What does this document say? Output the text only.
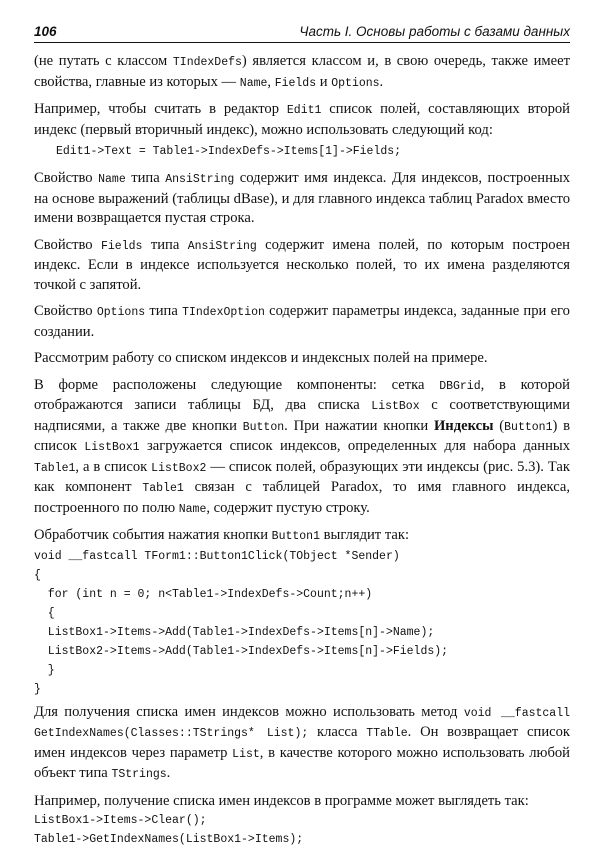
106	Часть I. Основы работы с базами данных

(не путать с классом TIndexDefs) является классом и, в свою очередь, также имеет свойства, главные из которых — Name, Fields и Options.

Например, чтобы считать в редактор Edit1 список полей, составляющих второй индекс (первый вторичный индекс), можно использовать следующий код:

Edit1->Text = Table1->IndexDefs->Items[1]->Fields;

Свойство Name типа AnsiString содержит имя индекса. Для индексов, построенных на основе выражений (таблицы dBase), и для главного индекса таблиц Paradox вместо имени возвращается пустая строка.

Свойство Fields типа AnsiString содержит имена полей, по которым построен индекс. Если в индексе используется несколько полей, то их имена разделяются точкой с запятой.

Свойство Options типа TIndexOption содержит параметры индекса, заданные при его создании.

Рассмотрим работу со списком индексов и индексных полей на примере.

В форме расположены следующие компоненты: сетка DBGrid, в которой отображаются записи таблицы БД, два списка ListBox с соответствующими надписями, а также две кнопки Button. При нажатии кнопки Индексы (Button1) в список ListBox1 загружается список индексов, определенных для набора данных Table1, а в список ListBox2 — список полей, образующих эти индексы (рис. 5.3). Так как компонент Table1 связан с таблицей Paradox, то имя главного индекса, построенного по полю Name, содержит пустую строку.

Обработчик события нажатия кнопки Button1 выглядит так:

void __fastcall TForm1::Button1Click(TObject *Sender)
{
for (int n = 0; n<Table1->IndexDefs->Count;n++)
{
ListBox1->Items->Add(Table1->IndexDefs->Items[n]->Name);
ListBox2->Items->Add(Table1->IndexDefs->Items[n]->Fields);
}
}

Для получения списка имен индексов можно использовать метод void __fastcall GetIndexNames(Classes::TStrings* List); класса TTable. Он возвращает список имен индексов через параметр List, в качестве которого можно использовать любой объект типа TStrings.

Например, получение списка имен индексов в программе может выглядеть так:

ListBox1->Items->Clear();
Table1->GetIndexNames(ListBox1->Items);
